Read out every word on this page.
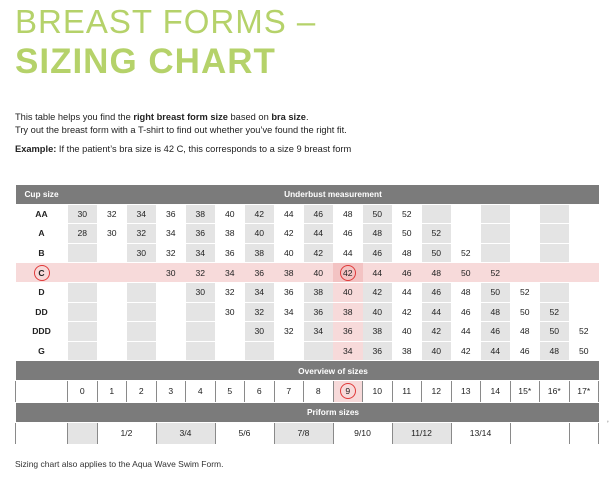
BREAST FORMS –
SIZING CHART

This table helps you find the right breast form size based on bra size.

Try out the breast form with a T-shirt to find out whether you’ve found the right fit.

Example: If the patient’s bra size is 42 C, this corresponds to a size 9 breast form
Cup size	Underbust measurement																	
AA	30	32	34	36	38	40	42	44	46	48	50	52						
A	28	30	32	34	36	38	40	42	44	46	48	50	52					
B			30	32	34	36	38	40	42	44	46	48	50	52				
C				30	32	34	36	38	40	42	44	46	48	50	52			
D					30	32	34	36	38	40	42	44	46	48	50	52		
DD						30	32	34	36	38	40	42	44	46	48	50	52	
DDD							30	32	34	36	38	40	42	44	46	48	50	52
G										34	36	38	40	42	44	46	48	50
	Overview of sizes																	
	0	1	2	3	4	5	6	7	8	9	10	11	12	13	14	15*	16*	17*
	Priform sizes																	
		1/2		3/4		5/6		7/8		9/10		11/12		13/14				
Sizing chart also applies to the Aqua Wave Swim Form.
ʼ
